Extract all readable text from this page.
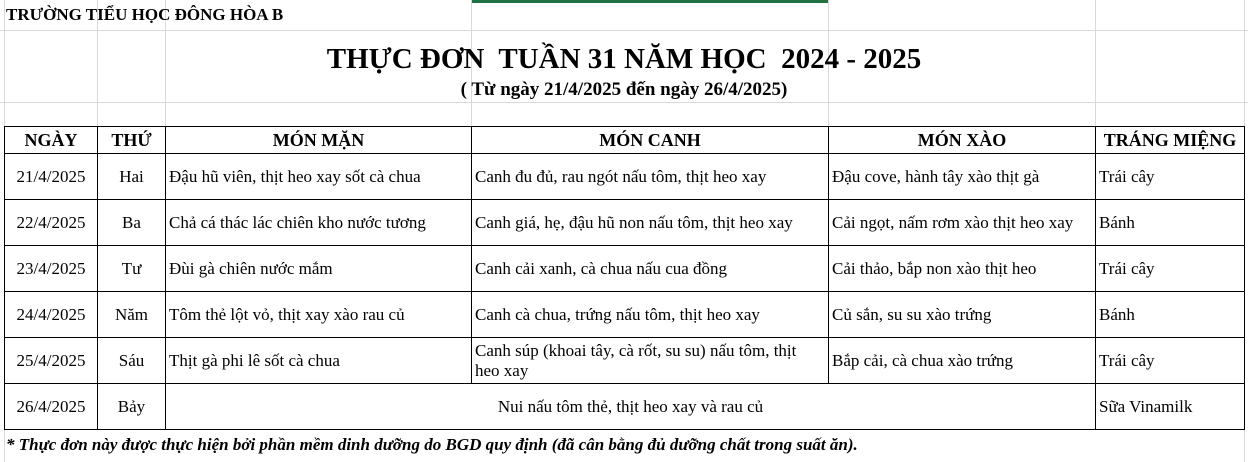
TRƯỜNG TIỂU HỌC ĐÔNG HÒA B
THỰC ĐƠN  TUẦN 31 NĂM HỌC  2024 - 2025
( Từ ngày 21/4/2025 đến ngày 26/4/2025)
NGÀY	THỨ	MÓN MẶN	MÓN CANH	MÓN XÀO	TRÁNG MIỆNG
21/4/2025	Hai	Đậu hũ viên, thịt heo xay sốt cà chua	Canh đu đủ, rau ngót nấu tôm, thịt heo xay	Đậu cove, hành tây xào thịt gà	Trái cây
22/4/2025	Ba	Chả cá thác lác chiên kho nước tương	Canh giá, hẹ, đậu hũ non nấu tôm, thịt heo xay	Cải ngọt, nấm rơm xào thịt heo xay	Bánh
23/4/2025	Tư	Đùi gà chiên nước mắm	Canh cải xanh, cà chua nấu cua đồng	Cải thảo, bắp non xào thịt heo	Trái cây
24/4/2025	Năm	Tôm thẻ lột vỏ, thịt xay xào rau củ	Canh cà chua, trứng nấu tôm, thịt heo xay	Củ sắn, su su xào trứng	Bánh
25/4/2025	Sáu	Thịt gà phi lê sốt cà chua	Canh súp (khoai tây, cà rốt, su su) nấu tôm, thịt heo xay	Bắp cải, cà chua xào trứng	Trái cây
26/4/2025	Bảy	Nui nấu tôm thẻ, thịt heo xay và rau củ			Sữa Vinamilk
* Thực đơn này được thực hiện bởi phần mềm dinh dưỡng do BGD quy định (đã cân bằng đủ dưỡng chất trong suất ăn).
